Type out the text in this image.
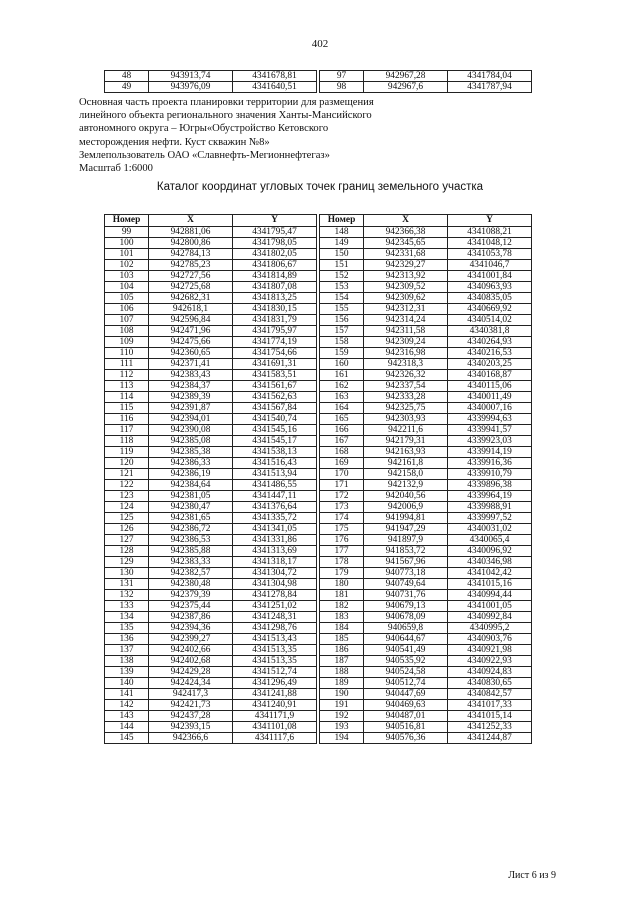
402
48	943913,74	4341678,81
49	943976,09	4341640,51
97	942967,28	4341784,04
98	942967,6	4341787,94
Основная часть проекта планировки территории для размещения
линейного объекта регионального значения Ханты-Мансийского
автономного округа – Югры«Обустройство Кетовского
месторождения нефти. Куст скважин №8»
Землепользователь ОАО «Славнефть-Мегионнефтегаз»
Масштаб 1:6000
Каталог координат угловых точек границ земельного участка
Номер	X	Y
99	942881,06	4341795,47
100	942800,86	4341798,05
101	942784,13	4341802,05
102	942785,23	4341806,67
103	942727,56	4341814,89
104	942725,68	4341807,08
105	942682,31	4341813,25
106	942618,1	4341830,15
107	942596,84	4341831,79
108	942471,96	4341795,97
109	942475,66	4341774,19
110	942360,65	4341754,66
111	942371,41	4341691,31
112	942383,43	4341583,51
113	942384,37	4341561,67
114	942389,39	4341562,63
115	942391,87	4341567,84
116	942394,01	4341540,74
117	942390,08	4341545,16
118	942385,08	4341545,17
119	942385,38	4341538,13
120	942386,33	4341516,43
121	942386,19	4341513,94
122	942384,64	4341486,55
123	942381,05	4341447,11
124	942380,47	4341376,64
125	942381,65	4341335,72
126	942386,72	4341341,05
127	942386,53	4341331,86
128	942385,88	4341313,69
129	942383,33	4341318,17
130	942382,57	4341304,72
131	942380,48	4341304,98
132	942379,39	4341278,84
133	942375,44	4341251,02
134	942387,86	4341248,31
135	942394,36	4341298,76
136	942399,27	4341513,43
137	942402,66	4341513,35
138	942402,68	4341513,35
139	942429,28	4341512,74
140	942424,34	4341296,49
141	942417,3	4341241,88
142	942421,73	4341240,91
143	942437,28	4341171,9
144	942393,15	4341101,08
145	942366,6	4341117,6
Номер	X	Y
148	942366,38	4341088,21
149	942345,65	4341048,12
150	942331,68	4341053,78
151	942329,27	4341046,7
152	942313,92	4341001,84
153	942309,52	4340963,93
154	942309,62	4340835,05
155	942312,31	4340669,92
156	942314,24	4340514,02
157	942311,58	4340381,8
158	942309,24	4340264,93
159	942316,98	4340216,53
160	942318,3	4340203,25
161	942326,32	4340168,87
162	942337,54	4340115,06
163	942333,28	4340011,49
164	942325,75	4340007,16
165	942303,93	4339994,63
166	942211,6	4339941,57
167	942179,31	4339923,03
168	942163,93	4339914,19
169	942161,8	4339916,36
170	942158,0	4339910,79
171	942132,9	4339896,38
172	942040,56	4339964,19
173	942006,9	4339988,91
174	941994,81	4339997,52
175	941947,29	4340031,02
176	941897,9	4340065,4
177	941853,72	4340096,92
178	941567,96	4340346,98
179	940773,18	4341042,42
180	940749,64	4341015,16
181	940731,76	4340994,44
182	940679,13	4341001,05
183	940678,09	4340992,84
184	940659,8	4340995,2
185	940644,67	4340903,76
186	940541,49	4340921,98
187	940535,92	4340922,93
188	940524,58	4340924,83
189	940512,74	4340830,65
190	940447,69	4340842,57
191	940469,63	4341017,33
192	940487,01	4341015,14
193	940516,81	4341252,33
194	940576,36	4341244,87
Лист 6 из 9
